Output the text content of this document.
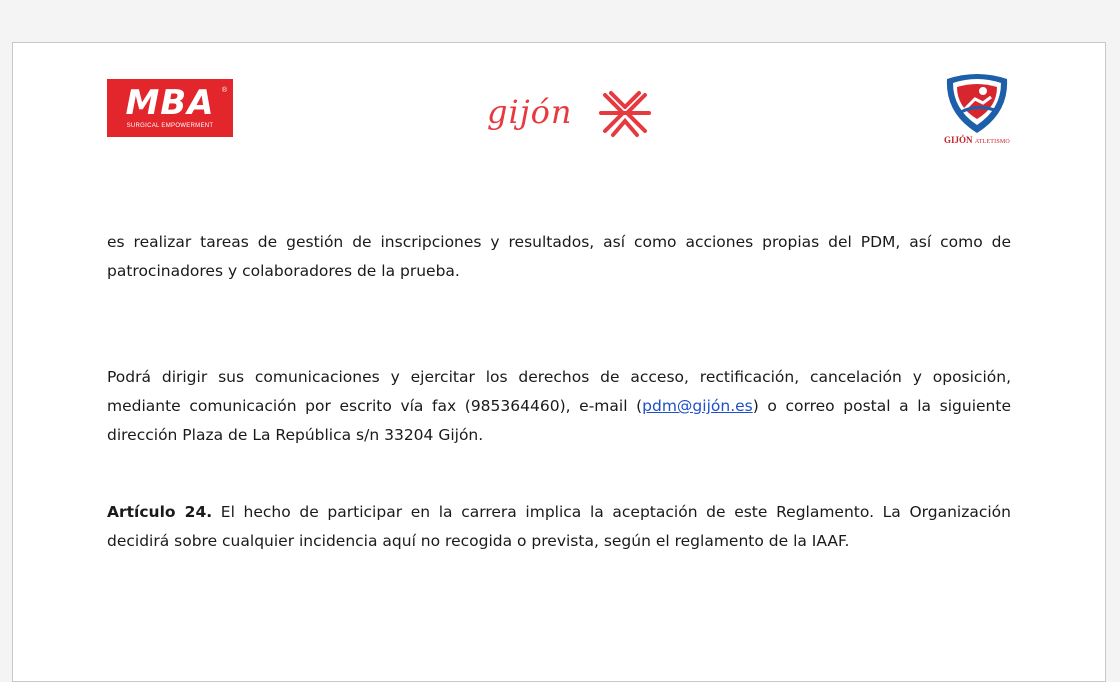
MBA
SURGICAL EMPOWERMENT
®
gijón
GIJÓN ATLETISMO
es realizar tareas de gestión de inscripciones y resultados, así como acciones propias del PDM, así como de patrocinadores y colaboradores de la prueba.
Podrá dirigir sus comunicaciones y ejercitar los derechos de acceso, rectificación, cancelación y oposición, mediante comunicación por escrito vía fax (985364460), e-mail (pdm@gijón.es) o correo postal a la siguiente dirección Plaza de La República s/n 33204 Gijón.
Artículo 24. El hecho de participar en la carrera implica la aceptación de este Reglamento. La Organización decidirá sobre cualquier incidencia aquí no recogida o prevista, según el reglamento de la IAAF.
